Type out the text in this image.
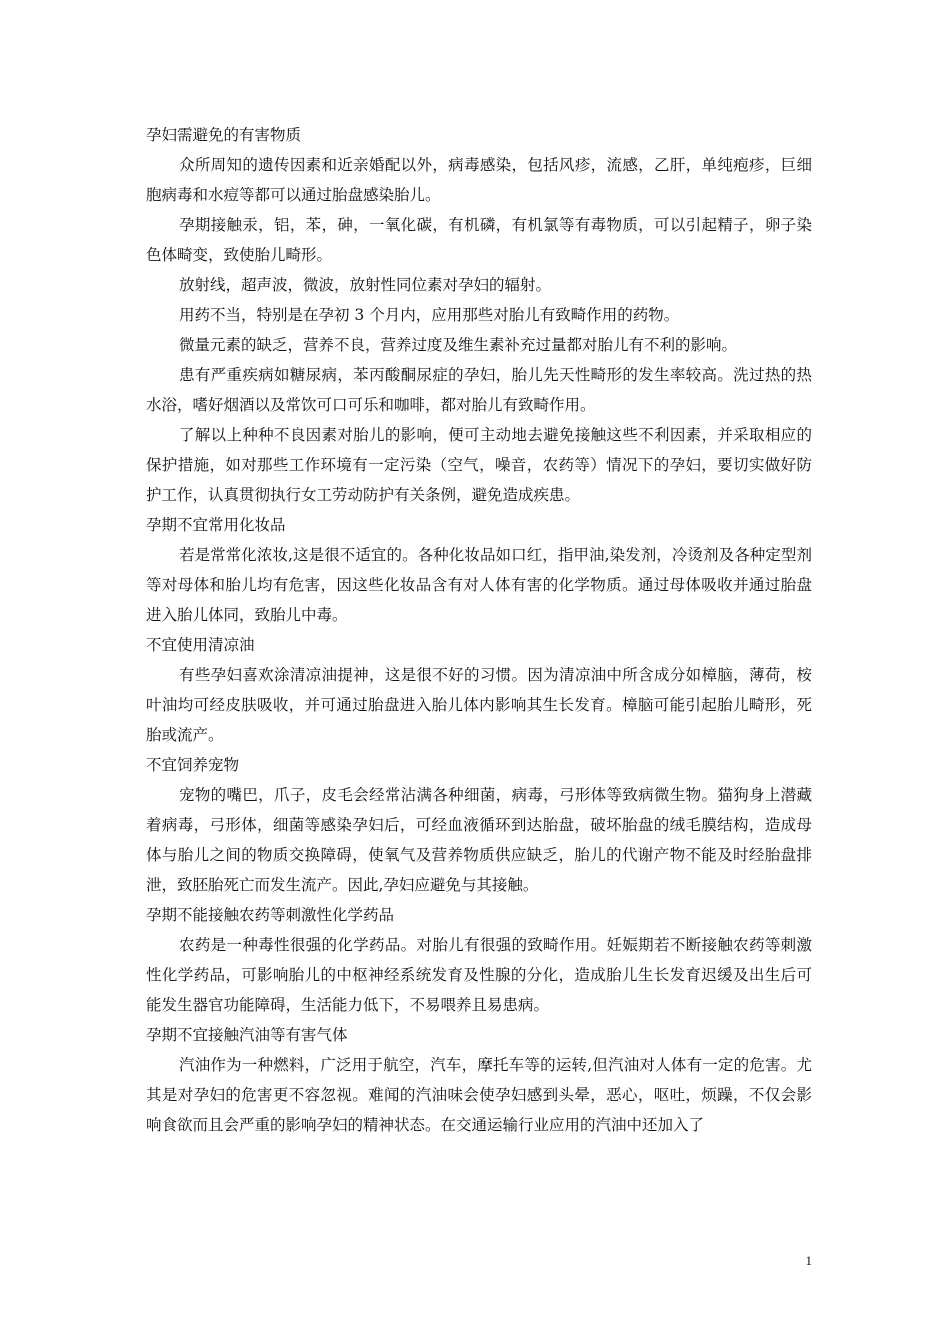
孕妇需避免的有害物质

众所周知的遗传因素和近亲婚配以外，病毒感染，包括风疹，流感，乙肝，单纯疱疹，巨细胞病毒和水痘等都可以通过胎盘感染胎儿。

孕期接触汞，铝，苯，砷，一氧化碳，有机磷，有机氯等有毒物质，可以引起精子，卵子染色体畸变，致使胎儿畸形。

放射线，超声波，微波，放射性同位素对孕妇的辐射。

用药不当，特别是在孕初 3 个月内，应用那些对胎儿有致畸作用的药物。

微量元素的缺乏，营养不良，营养过度及维生素补充过量都对胎儿有不利的影响。

患有严重疾病如糖尿病，苯丙酸酮尿症的孕妇，胎儿先天性畸形的发生率较高。洗过热的热水浴，嗜好烟酒以及常饮可口可乐和咖啡，都对胎儿有致畸作用。

了解以上种种不良因素对胎儿的影响，便可主动地去避免接触这些不利因素，并采取相应的保护措施，如对那些工作环境有一定污染（空气，噪音，农药等）情况下的孕妇，要切实做好防护工作，认真贯彻执行女工劳动防护有关条例，避免造成疾患。

孕期不宜常用化妆品

若是常常化浓妆,这是很不适宜的。各种化妆品如口红，指甲油,染发剂，冷烫剂及各种定型剂等对母体和胎儿均有危害，因这些化妆品含有对人体有害的化学物质。通过母体吸收并通过胎盘进入胎儿体同，致胎儿中毒。

不宜使用清凉油

有些孕妇喜欢涂清凉油提神，这是很不好的习惯。因为清凉油中所含成分如樟脑，薄荷，桉叶油均可经皮肤吸收，并可通过胎盘进入胎儿体内影响其生长发育。樟脑可能引起胎儿畸形，死胎或流产。

不宜饲养宠物

宠物的嘴巴，爪子，皮毛会经常沾满各种细菌，病毒，弓形体等致病微生物。猫狗身上潜藏着病毒，弓形体，细菌等感染孕妇后，可经血液循环到达胎盘，破坏胎盘的绒毛膜结构，造成母体与胎儿之间的物质交换障碍，使氧气及营养物质供应缺乏，胎儿的代谢产物不能及时经胎盘排泄，致胚胎死亡而发生流产。因此,孕妇应避免与其接触。

孕期不能接触农药等刺激性化学药品

农药是一种毒性很强的化学药品。对胎儿有很强的致畸作用。妊娠期若不断接触农药等刺激性化学药品，可影响胎儿的中枢神经系统发育及性腺的分化，造成胎儿生长发育迟缓及出生后可能发生器官功能障碍，生活能力低下，不易喂养且易患病。

孕期不宜接触汽油等有害气体

汽油作为一种燃料，广泛用于航空，汽车，摩托车等的运转,但汽油对人体有一定的危害。尤其是对孕妇的危害更不容忽视。难闻的汽油味会使孕妇感到头晕，恶心，呕吐，烦躁，不仅会影响食欲而且会严重的影响孕妇的精神状态。在交通运输行业应用的汽油中还加入了

1
